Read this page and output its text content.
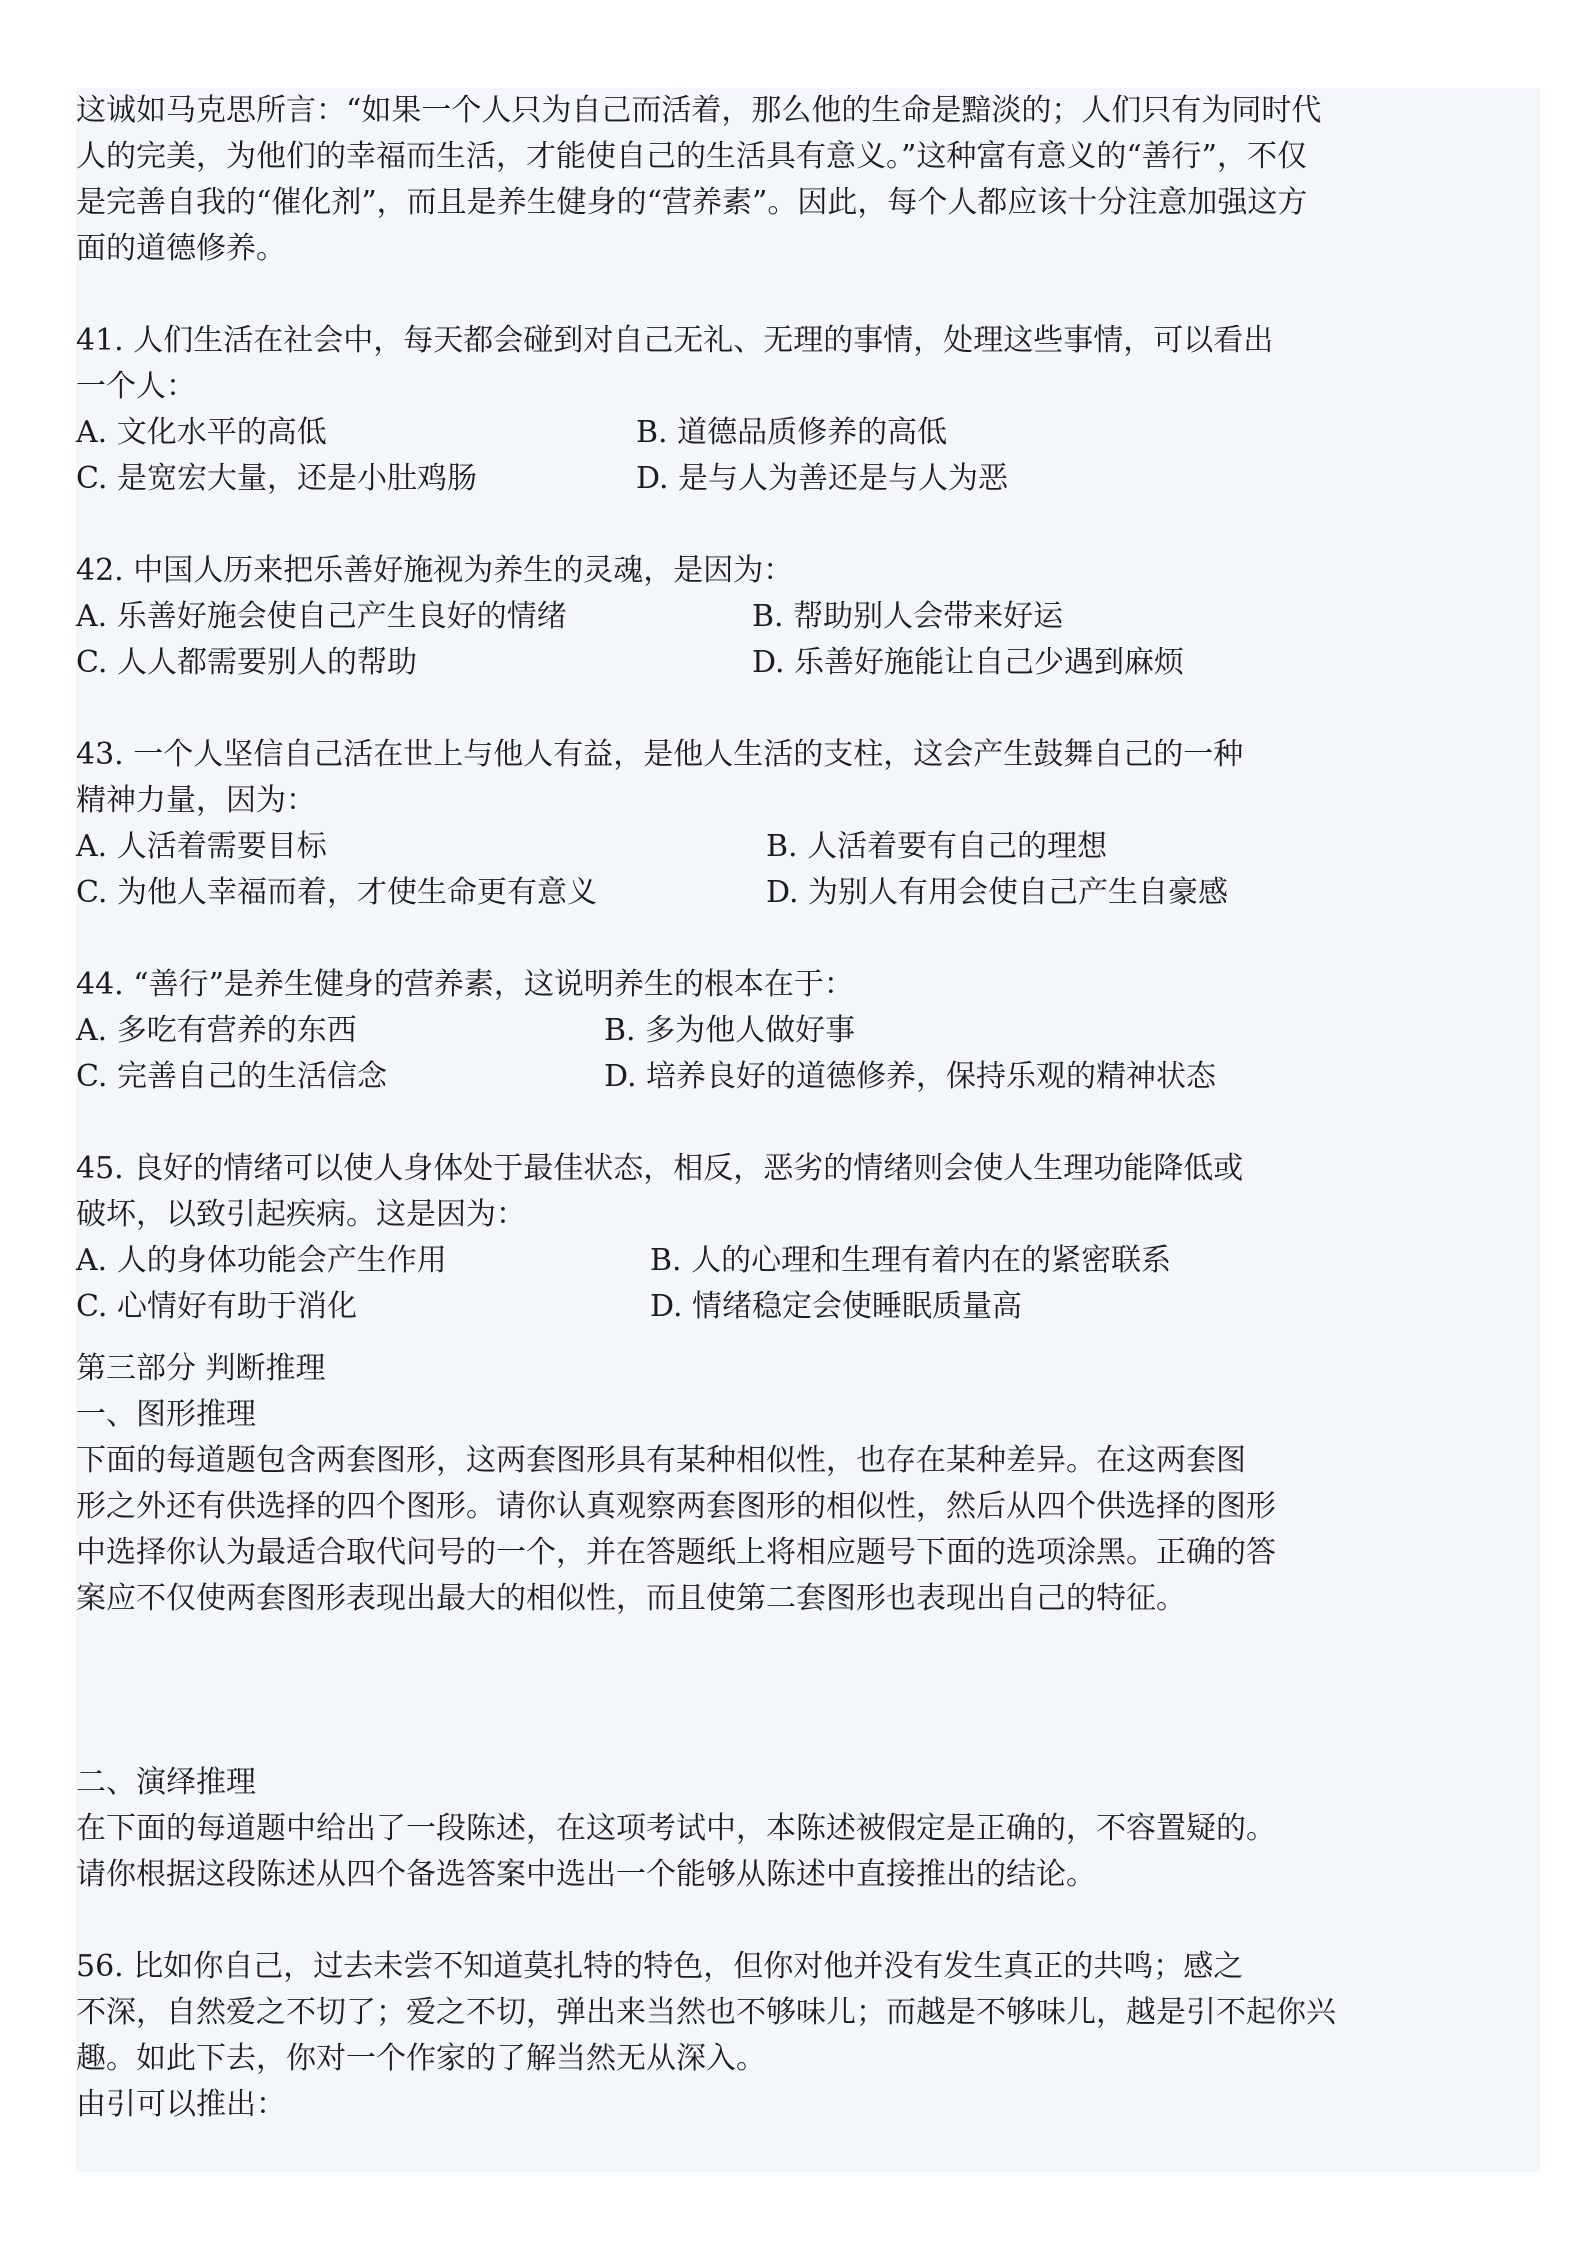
这诚如马克思所言：“如果一个人只为自己而活着，那么他的生命是黯淡的；人们只有为同时代
人的完美，为他们的幸福而生活，才能使自己的生活具有意义。”这种富有意义的“善行”，不仅
是完善自我的“催化剂”，而且是养生健身的“营养素”。因此，每个人都应该十分注意加强这方
面的道德修养。
41. 人们生活在社会中，每天都会碰到对自己无礼、无理的事情，处理这些事情，可以看出
一个人：
A. 文化水平的高低	B. 道德品质修养的高低
C. 是宽宏大量，还是小肚鸡肠	D. 是与人为善还是与人为恶
42. 中国人历来把乐善好施视为养生的灵魂，是因为：
A. 乐善好施会使自己产生良好的情绪	B. 帮助别人会带来好运
C. 人人都需要别人的帮助	D. 乐善好施能让自己少遇到麻烦
43. 一个人坚信自己活在世上与他人有益，是他人生活的支柱，这会产生鼓舞自己的一种
精神力量，因为：
A. 人活着需要目标	B. 人活着要有自己的理想
C. 为他人幸福而着，才使生命更有意义	D. 为别人有用会使自己产生自豪感
44. “善行”是养生健身的营养素，这说明养生的根本在于：
A. 多吃有营养的东西	B. 多为他人做好事
C. 完善自己的生活信念	D. 培养良好的道德修养，保持乐观的精神状态
45. 良好的情绪可以使人身体处于最佳状态，相反，恶劣的情绪则会使人生理功能降低或
破坏，以致引起疾病。这是因为：
A. 人的身体功能会产生作用	B. 人的心理和生理有着内在的紧密联系
C. 心情好有助于消化	D. 情绪稳定会使睡眠质量高
第三部分 判断推理
一、图形推理
下面的每道题包含两套图形，这两套图形具有某种相似性，也存在某种差异。在这两套图
形之外还有供选择的四个图形。请你认真观察两套图形的相似性，然后从四个供选择的图形
中选择你认为最适合取代问号的一个，并在答题纸上将相应题号下面的选项涂黑。正确的答
案应不仅使两套图形表现出最大的相似性，而且使第二套图形也表现出自己的特征。
二、演绎推理
在下面的每道题中给出了一段陈述，在这项考试中，本陈述被假定是正确的，不容置疑的。
请你根据这段陈述从四个备选答案中选出一个能够从陈述中直接推出的结论。
56. 比如你自己，过去未尝不知道莫扎特的特色，但你对他并没有发生真正的共鸣；感之
不深，自然爱之不切了；爱之不切，弹出来当然也不够味儿；而越是不够味儿，越是引不起你兴
趣。如此下去，你对一个作家的了解当然无从深入。
由引可以推出：
